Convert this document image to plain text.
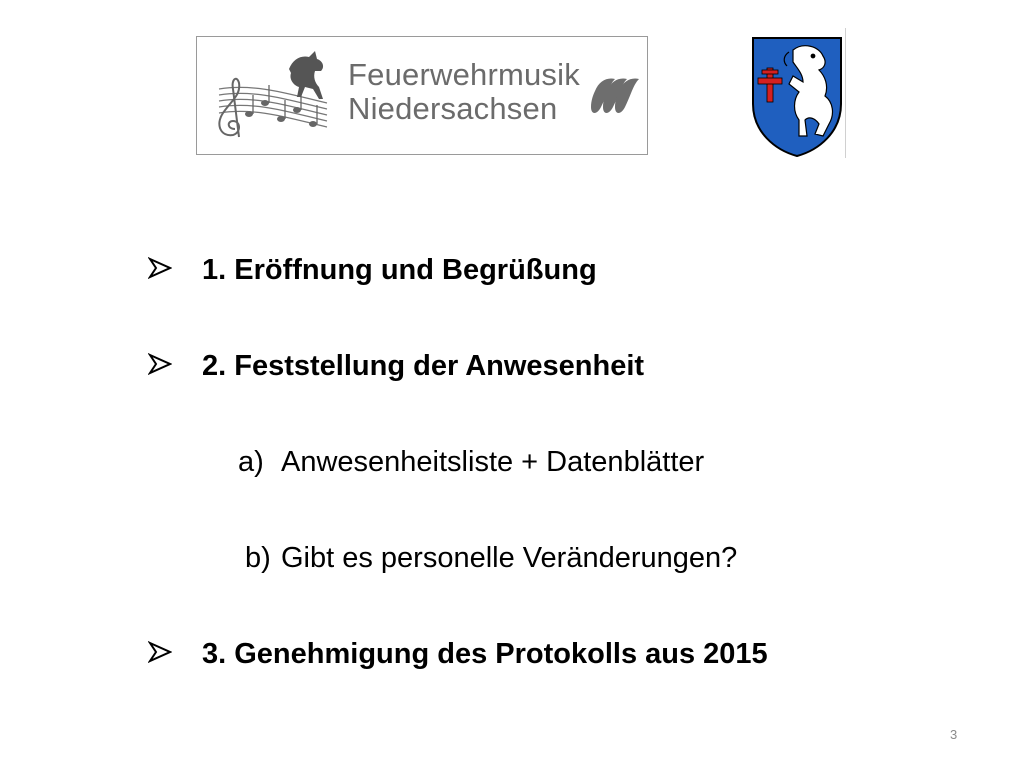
Feuerwehrmusik
Niedersachsen
1. Eröffnung und Begrüßung
2. Feststellung der Anwesenheit
a) Anwesenheitsliste + Datenblätter
b) Gibt es personelle Veränderungen?
3. Genehmigung des Protokolls aus 2015
3
